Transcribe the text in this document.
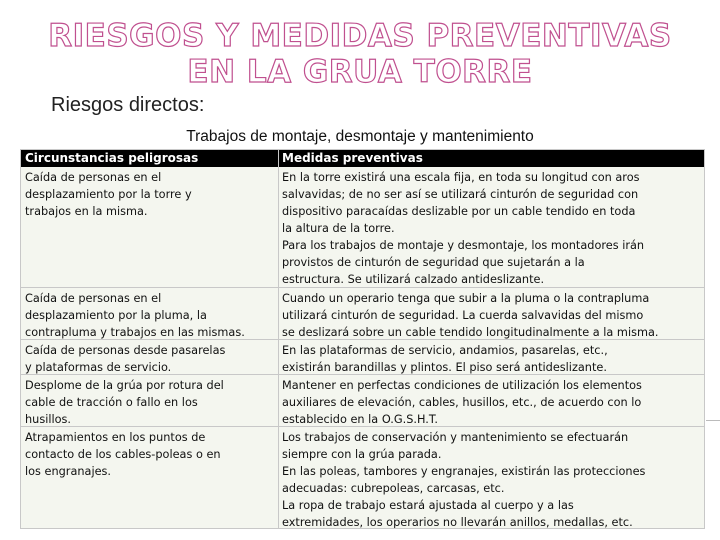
RIESGOS Y MEDIDAS PREVENTIVAS EN LA GRUA TORRE
Riesgos directos:
Trabajos de montaje, desmontaje y mantenimiento
Circunstancias peligrosas	Medidas preventivas
Caída de personas en el
desplazamiento por la torre y
trabajos en la misma.
En la torre existirá una escala fija, en toda su longitud con aros
salvavidas; de no ser así se utilizará cinturón de seguridad con
dispositivo paracaídas deslizable por un cable tendido en toda
la altura de la torre.
Para los trabajos de montaje y desmontaje, los montadores irán
provistos de cinturón de seguridad que sujetarán a la
estructura. Se utilizará calzado antideslizante.
Caída de personas en el
desplazamiento por la pluma, la
contrapluma y trabajos en las mismas.
Cuando un operario tenga que subir a la pluma o la contrapluma
utilizará cinturón de seguridad. La cuerda salvavidas del mismo
se deslizará sobre un cable tendido longitudinalmente a la misma.
Caída de personas desde pasarelas
y plataformas de servicio.
En las plataformas de servicio, andamios, pasarelas, etc.,
existirán barandillas y plintos. El piso será antideslizante.
Desplome de la grúa por rotura del
cable de tracción o fallo en los
husillos.
Mantener en perfectas condiciones de utilización los elementos
auxiliares de elevación, cables, husillos, etc., de acuerdo con lo
establecido en la O.G.S.H.T.
Atrapamientos en los puntos de
contacto de los cables-poleas o en
los engranajes.
Los trabajos de conservación y mantenimiento se efectuarán
siempre con la grúa parada.
En las poleas, tambores y engranajes, existirán las protecciones
adecuadas: cubrepoleas, carcasas, etc.
La ropa de trabajo estará ajustada al cuerpo y a las
extremidades, los operarios no llevarán anillos, medallas, etc.
